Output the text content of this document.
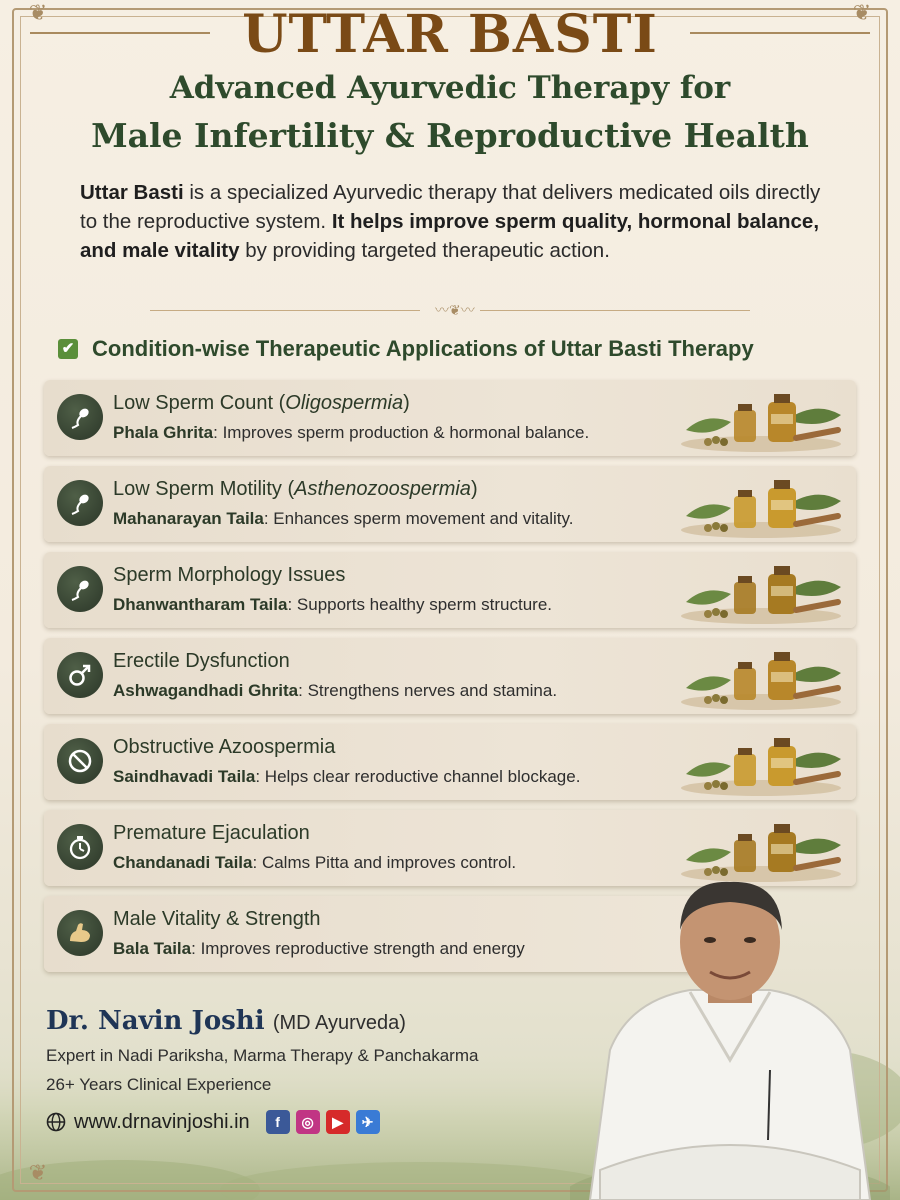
❦	❦
❦
UTTAR BASTI
Advanced Ayurvedic Therapy for
Male Infertility & Reproductive Health

Uttar Basti is a specialized Ayurvedic therapy that delivers medicated oils directly to the reproductive system. It helps improve sperm quality, hormonal balance, and male vitality by providing targeted therapeutic action.

〰❦〰
✔ Condition-wise Therapeutic Applications of Uttar Basti Therapy
Low Sperm Count (Oligospermia)
Phala Ghrita: Improves sperm production & hormonal balance.
Low Sperm Motility (Asthenozoospermia)
Mahanarayan Taila: Enhances sperm movement and vitality.
Sperm Morphology Issues
Dhanwantharam Taila: Supports healthy sperm structure.
Erectile Dysfunction
Ashwagandhadi Ghrita: Strengthens nerves and stamina.
Obstructive Azoospermia
Saindhavadi Taila: Helps clear reroductive channel blockage.
Premature Ejaculation
Chandanadi Taila: Calms Pitta and improves control.
Male Vitality & Strength
Bala Taila: Improves reproductive strength and energy
Dr. Navin Joshi (MD Ayurveda)
Expert in Nadi Pariksha, Marma Therapy & Panchakarma
26+ Years Clinical Experience
www.drnavinjoshi.in	f	◎	▶	✈
